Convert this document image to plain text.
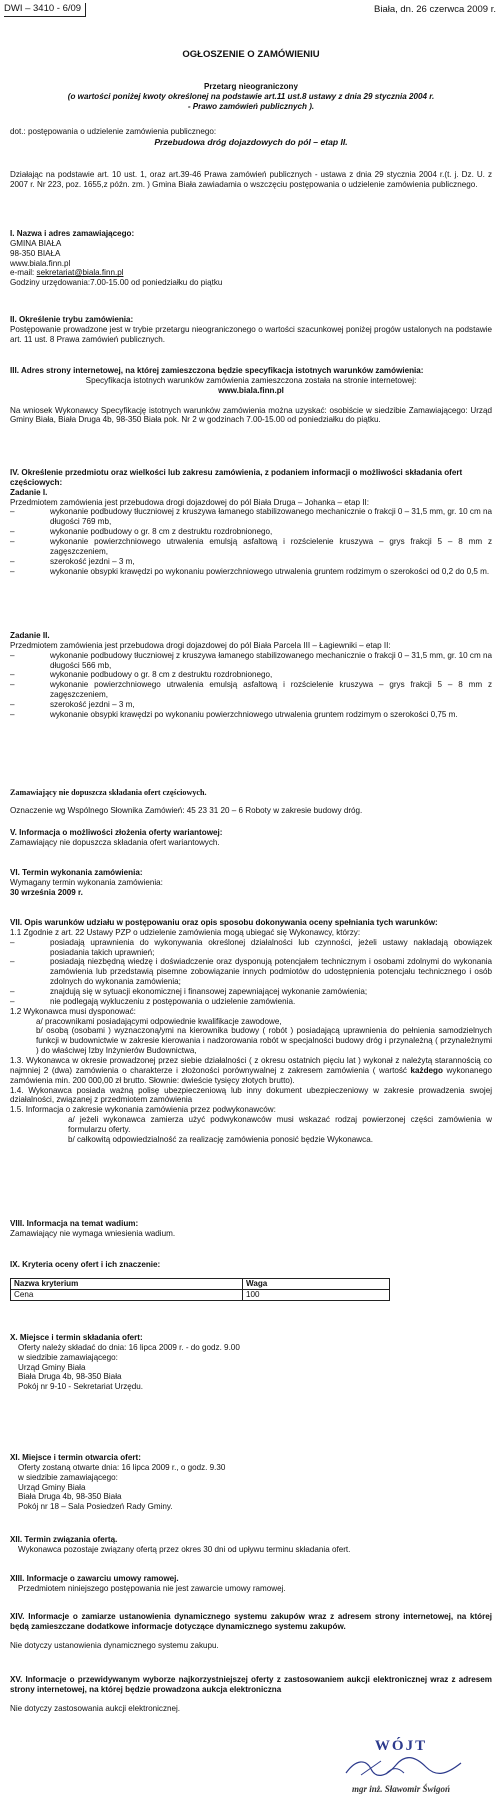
DWI – 3410 - 6/09	Biała, dn. 26 czerwca 2009 r.
OGŁOSZENIE O ZAMÓWIENIU

Przetarg nieograniczony

(o wartości poniżej kwoty określonej na podstawie art.11 ust.8 ustawy z dnia 29 stycznia 2004 r.

- Prawo zamówień publicznych ).

dot.: postępowania o udzielenie zamówienia publicznego:

Przebudowa dróg dojazdowych do pól – etap II.

Działając na podstawie art. 10 ust. 1, oraz art.39-46 Prawa zamówień publicznych - ustawa z dnia 29 stycznia 2004 r.(t. j. Dz. U. z 2007 r. Nr 223, poz. 1655,z późn. zm. ) Gmina Biała zawiadamia o wszczęciu postępowania o udzielenie zamówienia publicznego.

I. Nazwa i adres zamawiającego:

GMINA BIAŁA

98-350 BIAŁA

www.biala.finn.pl

e-mail: sekretariat@biala.finn.pl

Godziny urzędowania:7.00-15.00 od poniedziałku do piątku

II. Określenie trybu zamówienia:

Postępowanie prowadzone jest w trybie przetargu nieograniczonego o wartości szacunkowej poniżej progów ustalonych na podstawie art. 11 ust. 8 Prawa zamówień publicznych.

III. Adres strony internetowej, na której zamieszczona będzie specyfikacja istotnych warunków zamówienia:

Specyfikacja istotnych warunków zamówienia zamieszczona została na stronie internetowej:

www.biala.finn.pl

Na wniosek Wykonawcy Specyfikację istotnych warunków zamówienia można uzyskać: osobiście w siedzibie Zamawiającego: Urząd Gminy Biała, Biała Druga 4b, 98-350 Biała pok. Nr 2 w godzinach 7.00-15.00 od poniedziałku do piątku.

IV. Określenie przedmiotu oraz wielkości lub zakresu zamówienia, z podaniem informacji o możliwości składania ofert częściowych:

Zadanie I.

Przedmiotem zamówienia jest przebudowa drogi dojazdowej do pól Biała Druga – Johanka – etap II:

– wykonanie podbudowy tłuczniowej z kruszywa łamanego stabilizowanego mechanicznie o frakcji 0 – 31,5 mm, gr. 10 cm na długości 769 mb,
– wykonanie podbudowy o gr. 8 cm z destruktu rozdrobnionego,
– wykonanie powierzchniowego utrwalenia emulsją asfaltową i rozścielenie kruszywa – grys frakcji 5 – 8 mm z zagęszczeniem,
– szerokość jezdni – 3 m,
– wykonanie obsypki krawędzi po wykonaniu powierzchniowego utrwalenia gruntem rodzimym o szerokości od 0,2 do 0,5 m.

Zadanie II.

Przedmiotem zamówienia jest przebudowa drogi dojazdowej do pól Biała Parcela III – Łagiewniki – etap II:

– wykonanie podbudowy tłuczniowej z kruszywa łamanego stabilizowanego mechanicznie o frakcji 0 – 31,5 mm, gr. 10 cm na długości 566 mb,
– wykonanie podbudowy o gr. 8 cm z destruktu rozdrobnionego,
– wykonanie powierzchniowego utrwalenia emulsją asfaltową i rozścielenie kruszywa – grys frakcji 5 – 8 mm z zagęszczeniem,
– szerokość jezdni – 3 m,
– wykonanie obsypki krawędzi po wykonaniu powierzchniowego utrwalenia gruntem rodzimym o szerokości 0,75 m.

Zamawiający nie dopuszcza składania ofert częściowych.

Oznaczenie wg Wspólnego Słownika Zamówień: 45 23 31 20 – 6 Roboty w zakresie budowy dróg.

V. Informacja o możliwości złożenia oferty wariantowej:

Zamawiający nie dopuszcza składania ofert wariantowych.

VI. Termin wykonania zamówienia:

Wymagany termin wykonania zamówienia:

30 września 2009 r.

VII. Opis warunków udziału w postępowaniu oraz opis sposobu dokonywania oceny spełniania tych warunków:

1.1 Zgodnie z art. 22 Ustawy PZP o udzielenie zamówienia mogą ubiegać się Wykonawcy, którzy:

– posiadają uprawnienia do wykonywania określonej działalności lub czynności, jeżeli ustawy nakładają obowiązek posiadania takich uprawnień;
– posiadają niezbędną wiedzę i doświadczenie oraz dysponują potencjałem technicznym i osobami zdolnymi do wykonania zamówienia lub przedstawią pisemne zobowiązanie innych podmiotów do udostępnienia potencjału technicznego i osób zdolnych do wykonania zamówienia;
– znajdują się w sytuacji ekonomicznej i finansowej zapewniającej wykonanie zamówienia;
– nie podlegają wykluczeniu z postępowania o udzielenie zamówienia.

1.2 Wykonawca musi dysponować:

a/ pracownikami posiadającymi odpowiednie kwalifikacje zawodowe,

b/ osobą (osobami ) wyznaczoną/ymi na kierownika budowy ( robót ) posiadającą uprawnienia do pełnienia samodzielnych funkcji w budownictwie w zakresie kierowania i nadzorowania robót w specjalności budowy dróg i przynależną ( przynależnymi ) do właściwej Izby Inżynierów Budownictwa,

1.3. Wykonawca w okresie prowadzonej przez siebie działalności ( z okresu ostatnich pięciu lat ) wykonał z należytą starannością co najmniej 2 (dwa) zamówienia o charakterze i złożoności porównywalnej z zakresem zamówienia ( wartość każdego wykonanego zamówienia min. 200 000,00 zł brutto. Słownie: dwieście tysięcy złotych brutto).

1.4. Wykonawca posiada ważną polisę ubezpieczeniową lub inny dokument ubezpieczeniowy w zakresie prowadzenia swojej działalności, związanej z przedmiotem zamówienia

1.5. Informacja o zakresie wykonania zamówienia przez podwykonawców:

a/ jeżeli wykonawca zamierza użyć podwykonawców musi wskazać rodzaj powierzonej części zamówienia w formularzu oferty.

b/ całkowitą odpowiedzialność za realizację zamówienia ponosić będzie Wykonawca.

VIII. Informacja na temat wadium:

Zamawiający nie wymaga wniesienia wadium.

IX. Kryteria oceny ofert i ich znaczenie:

Nazwa kryterium	Waga
Cena	100

X. Miejsce i termin składania ofert:

Oferty należy składać do dnia: 16 lipca 2009 r. - do godz. 9.00

w siedzibie zamawiającego:

Urząd Gminy Biała

Biała Druga 4b, 98-350 Biała

Pokój nr 9-10 - Sekretariat Urzędu.

XI. Miejsce i termin otwarcia ofert:

Oferty zostaną otwarte dnia: 16 lipca 2009 r., o godz. 9.30

w siedzibie zamawiającego:

Urząd Gminy Biała

Biała Druga 4b, 98-350 Biała

Pokój nr 18 – Sala Posiedzeń Rady Gminy.

XII. Termin związania ofertą.

Wykonawca pozostaje związany ofertą przez okres 30 dni od upływu terminu składania ofert.

XIII. Informacje o zawarciu umowy ramowej.

Przedmiotem niniejszego postępowania nie jest zawarcie umowy ramowej.

XIV. Informacje o zamiarze ustanowienia dynamicznego systemu zakupów wraz z adresem strony internetowej, na której będą zamieszczane dodatkowe informacje dotyczące dynamicznego systemu zakupów.

Nie dotyczy ustanowienia dynamicznego systemu zakupu.

XV. Informacje o przewidywanym wyborze najkorzystniejszej oferty z zastosowaniem aukcji elektronicznej wraz z adresem strony internetowej, na której będzie prowadzona aukcja elektroniczna

Nie dotyczy zastosowania aukcji elektronicznej.

WÓJT
mgr inż. Sławomir Świgoń
